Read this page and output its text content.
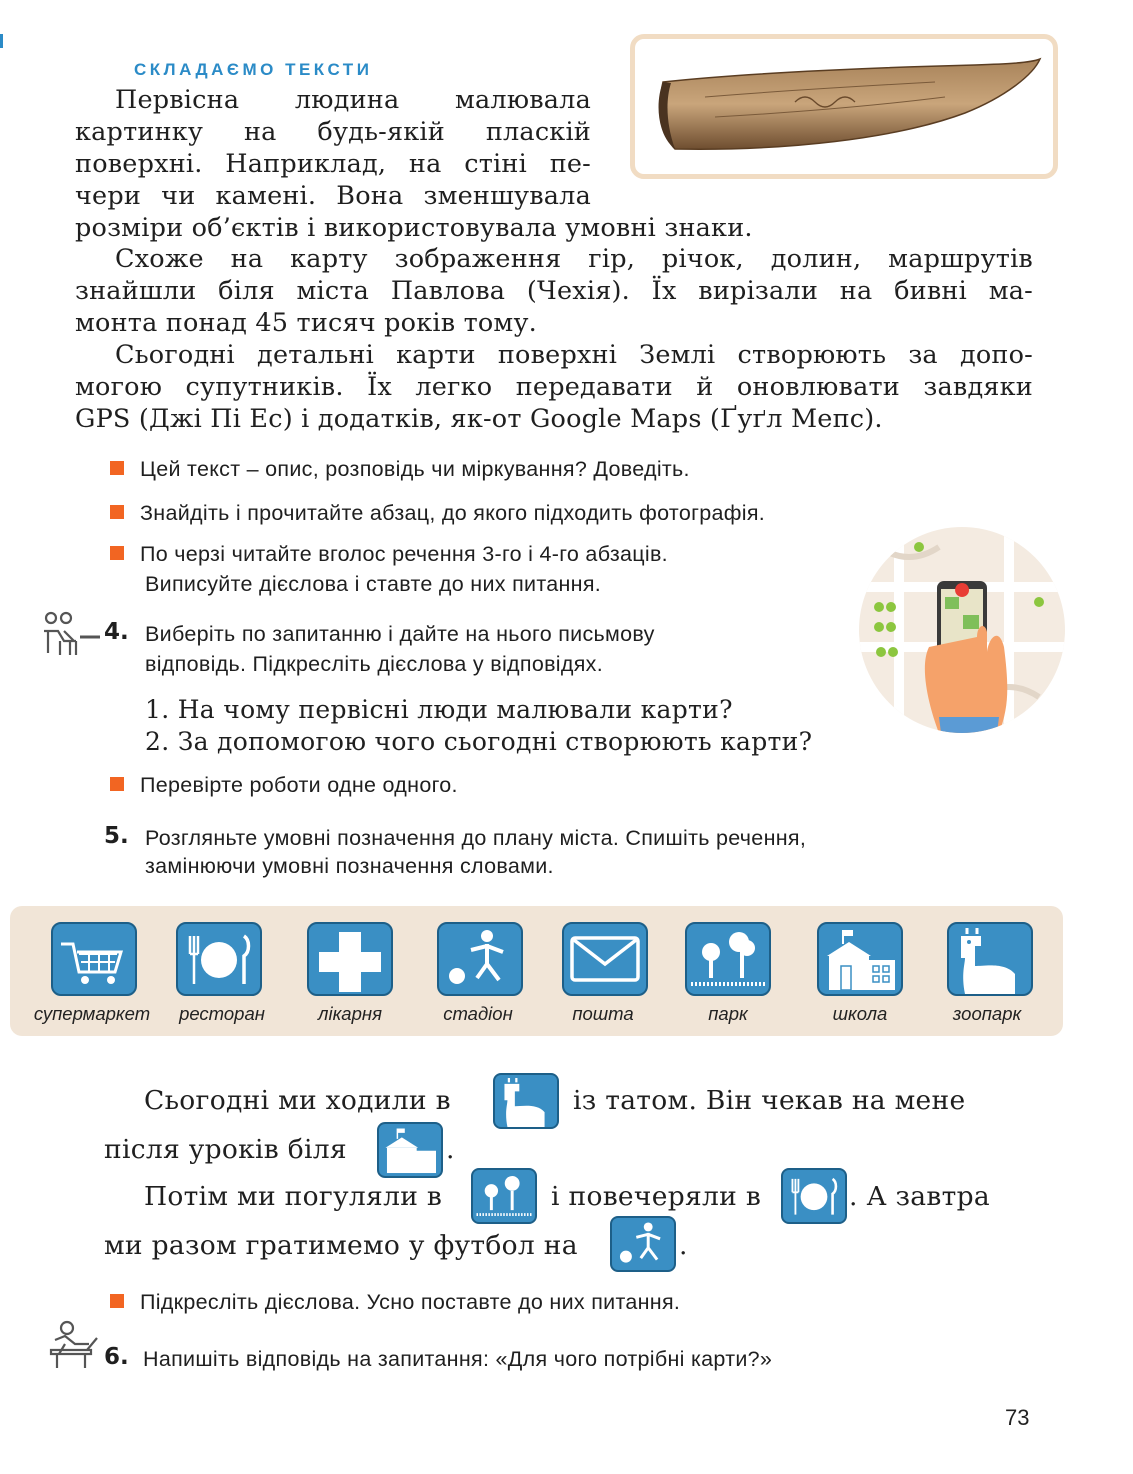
СКЛАДАЄМО ТЕКСТИ
Первісна людина малювала
картинку на будь-якій пласкій
поверхні. Наприклад, на стіні пе-
чери чи камені. Вона зменшувала
розміри об’єктів і використовувала умовні знаки.
Схоже на карту зображення гір, річок, долин, маршрутів
знайшли біля міста Павлова (Чехія). Їх вирізали на бивні ма-
монта понад 45 тисяч років тому.
Сьогодні детальні карти поверхні Землі створюють за допо-
могою супутників. Їх легко передавати й оновлювати завдяки
GPS (Джі Пі Ес) і додатків, як-от Google Maps (Ґуґл Мепс).
Цей текст – опис, розповідь чи міркування? Доведіть.
Знайдіть і прочитайте абзац, до якого підходить фотографія.
По черзі читайте вголос речення 3-го і 4-го абзаців.
Виписуйте дієслова і ставте до них питання.
4. Виберіть по запитанню і дайте на нього письмову
відповідь. Підкресліть дієслова у відповідях.
1. На чому первісні люди малювали карти?
2. За допомогою чого сьогодні створюють карти?
Перевірте роботи одне одного.
5. Розгляньте умовні позначення до плану міста. Спишіть речення,
замінюючи умовні позначення словами.
супермаркет	ресторан	лікарня	стадіон	пошта	парк	школа	зоопарк
Сьогодні ми ходили в	із татом. Він чекав на мене
після уроків біля	.
Потім ми погуляли в	і повечеряли в	. А завтра
ми разом гратимемо у футбол на	.
Підкресліть дієслова. Усно поставте до них питання.
6. Напишіть відповідь на запитання: «Для чого потрібні карти?»
73
